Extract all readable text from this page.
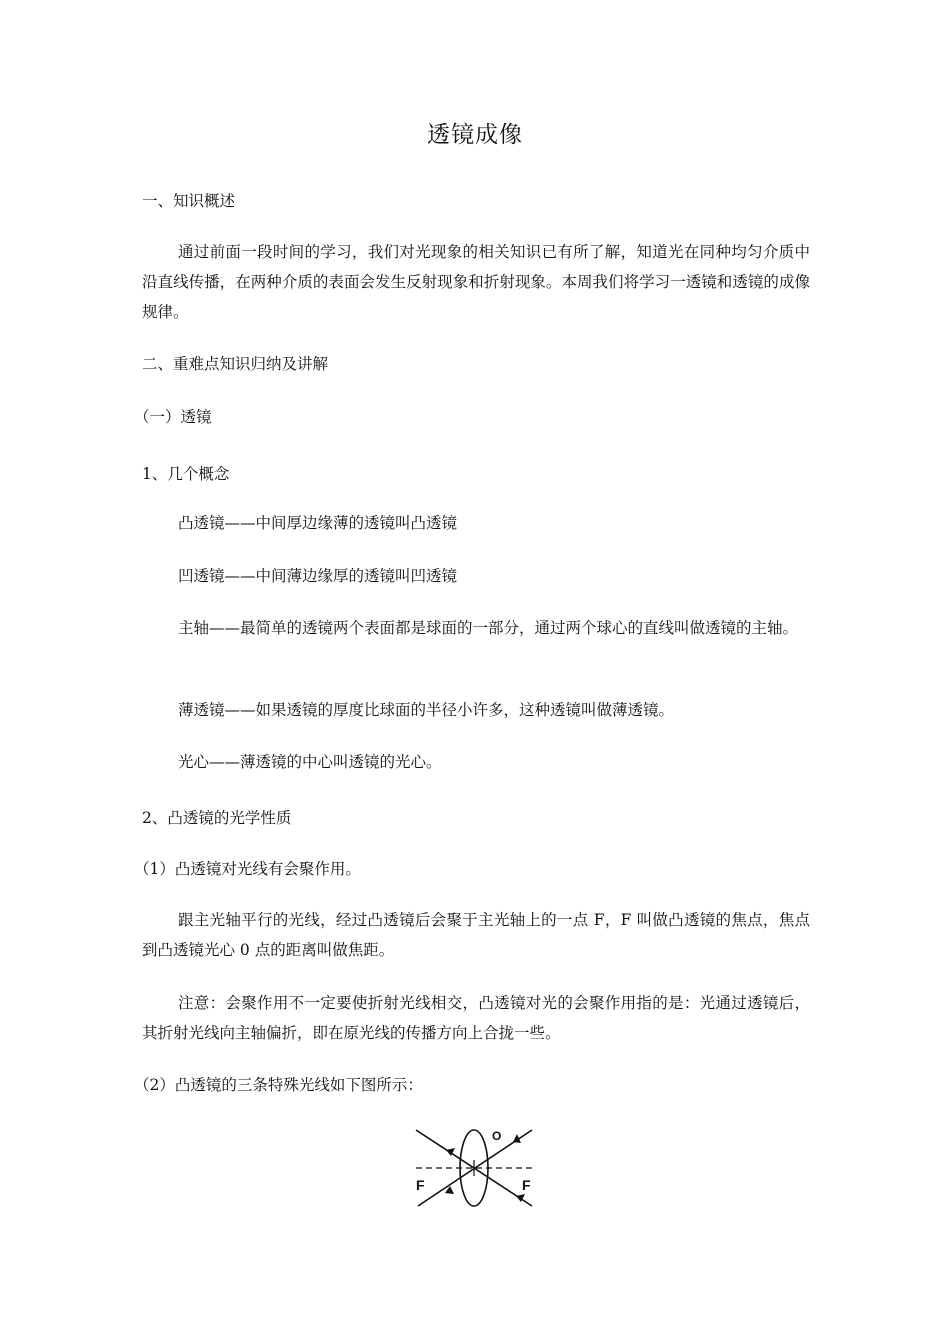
透镜成像
一、知识概述
通过前面一段时间的学习，我们对光现象的相关知识已有所了解，知道光在同种均匀介质中沿直线传播，在两种介质的表面会发生反射现象和折射现象。本周我们将学习一透镜和透镜的成像规律。
二、重难点知识归纳及讲解
（一）透镜
1、几个概念
凸透镜——中间厚边缘薄的透镜叫凸透镜
凹透镜——中间薄边缘厚的透镜叫凹透镜
主轴——最简单的透镜两个表面都是球面的一部分，通过两个球心的直线叫做透镜的主轴。
薄透镜——如果透镜的厚度比球面的半径小许多，这种透镜叫做薄透镜。
光心——薄透镜的中心叫透镜的光心。
2、凸透镜的光学性质
（1）凸透镜对光线有会聚作用。
跟主光轴平行的光线，经过凸透镜后会聚于主光轴上的一点 F，F 叫做凸透镜的焦点，焦点到凸透镜光心 0 点的距离叫做焦距。
注意：会聚作用不一定要使折射光线相交，凸透镜对光的会聚作用指的是：光通过透镜后，其折射光线向主轴偏折，即在原光线的传播方向上合拢一些。
（2）凸透镜的三条特殊光线如下图所示：
O
F	F
